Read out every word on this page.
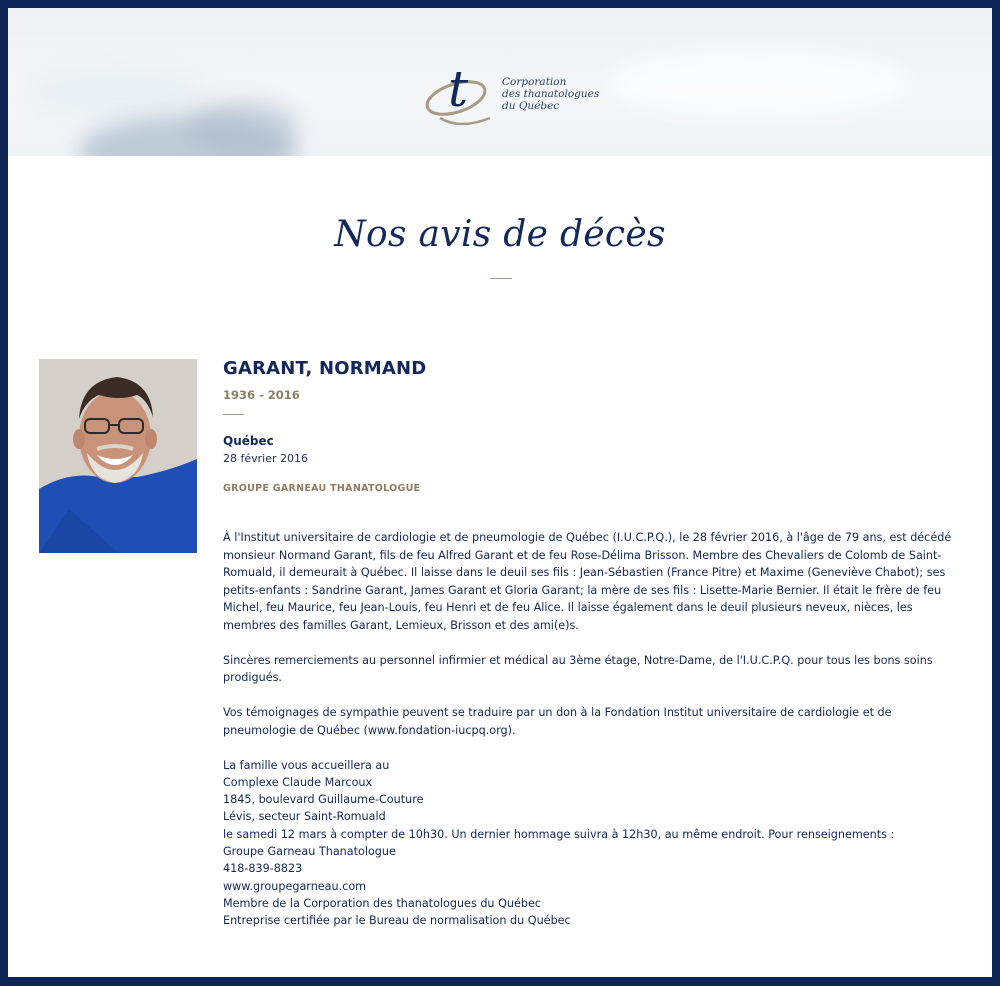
t	Corporation
des thanatologues
du Québec
Nos avis de décès
GARANT, NORMAND
1936 - 2016
Québec
28 février 2016
GROUPE GARNEAU THANATOLOGUE

À l'Institut universitaire de cardiologie et de pneumologie de Québec (I.U.C.P.Q.), le 28 février 2016, à l'âge de 79 ans, est décédé monsieur Normand Garant, fils de feu Alfred Garant et de feu Rose-Délima Brisson. Membre des Chevaliers de Colomb de Saint-Romuald, il demeurait à Québec. Il laisse dans le deuil ses fils : Jean-Sébastien (France Pitre) et Maxime (Geneviève Chabot); ses petits-enfants : Sandrine Garant, James Garant et Gloria Garant; la mère de ses fils : Lisette-Marie Bernier. Il était le frère de feu Michel, feu Maurice, feu Jean-Louis, feu Henri et de feu Alice. Il laisse également dans le deuil plusieurs neveux, nièces, les membres des familles Garant, Lemieux, Brisson et des ami(e)s.

Sincères remerciements au personnel infirmier et médical au 3ème étage, Notre-Dame, de l'I.U.C.P.Q. pour tous les bons soins prodigués.

Vos témoignages de sympathie peuvent se traduire par un don à la Fondation Institut universitaire de cardiologie et de pneumologie de Québec (www.fondation-iucpq.org).

La famille vous accueillera au
Complexe Claude Marcoux
1845, boulevard Guillaume-Couture
Lévis, secteur Saint-Romuald
le samedi 12 mars à compter de 10h30. Un dernier hommage suivra à 12h30, au même endroit. Pour renseignements :
Groupe Garneau Thanatologue
418-839-8823
www.groupegarneau.com
Membre de la Corporation des thanatologues du Québec
Entreprise certifiée par le Bureau de normalisation du Québec
